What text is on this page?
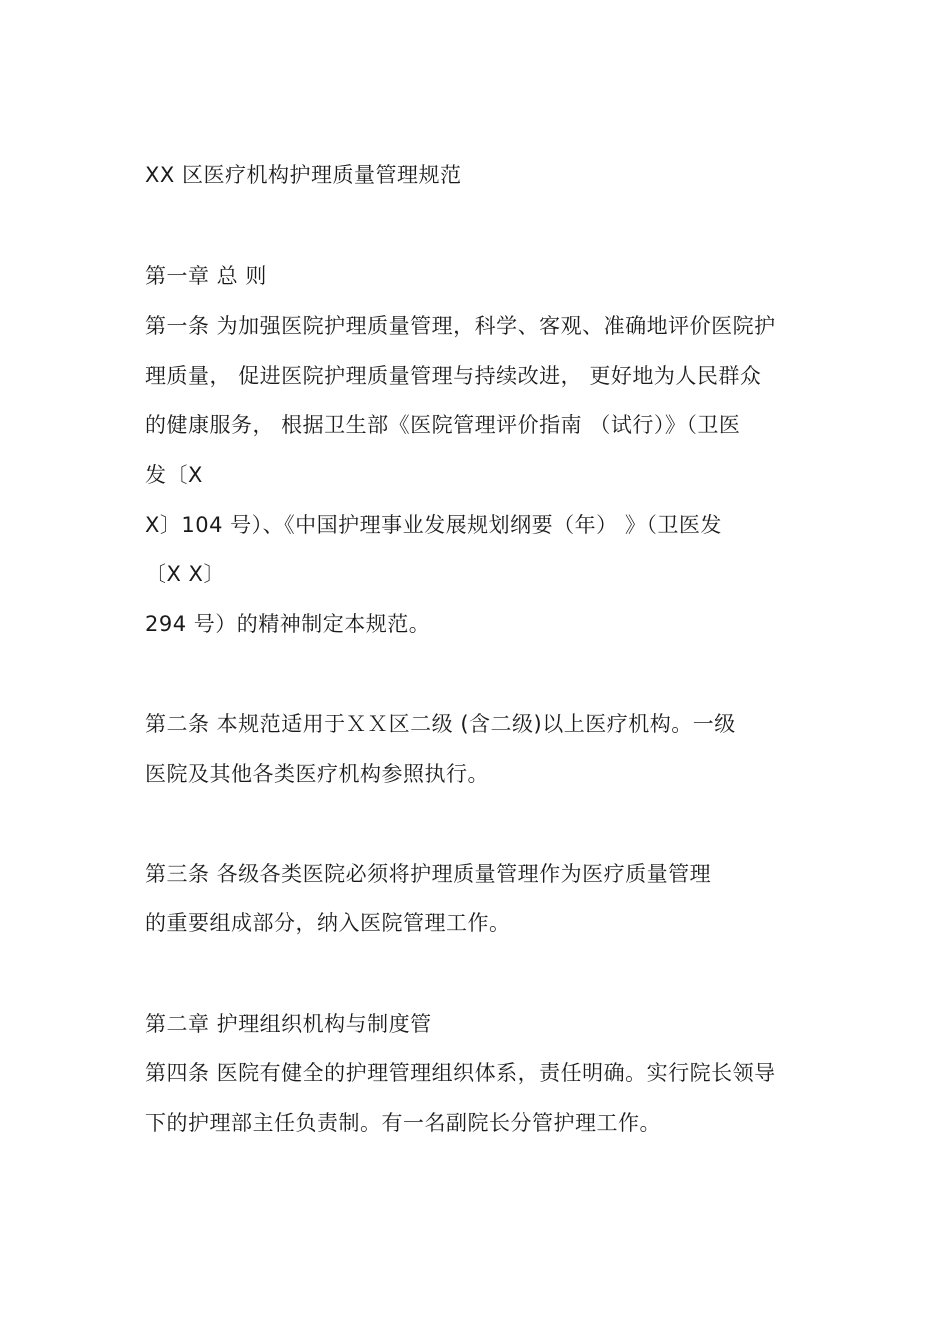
XX 区医疗机构护理质量管理规范
第一章 总 则
第一条 为加强医院护理质量管理，科学、客观、准确地评价医院护
理质量， 促进医院护理质量管理与持续改进， 更好地为人民群众
的健康服务， 根据卫生部《医院管理评价指南 （试行）》（卫医
发〔X
X〕104 号）、《中国护理事业发展规划纲要（年） 》（卫医发
〔X X〕
294 号）的精神制定本规范。
第二条 本规范适用于ＸＸ区二级 (含二级)以上医疗机构。一级
医院及其他各类医疗机构参照执行。
第三条 各级各类医院必须将护理质量管理作为医疗质量管理
的重要组成部分，纳入医院管理工作。
第二章 护理组织机构与制度管
第四条 医院有健全的护理管理组织体系，责任明确。实行院长领导
下的护理部主任负责制。有一名副院长分管护理工作。
